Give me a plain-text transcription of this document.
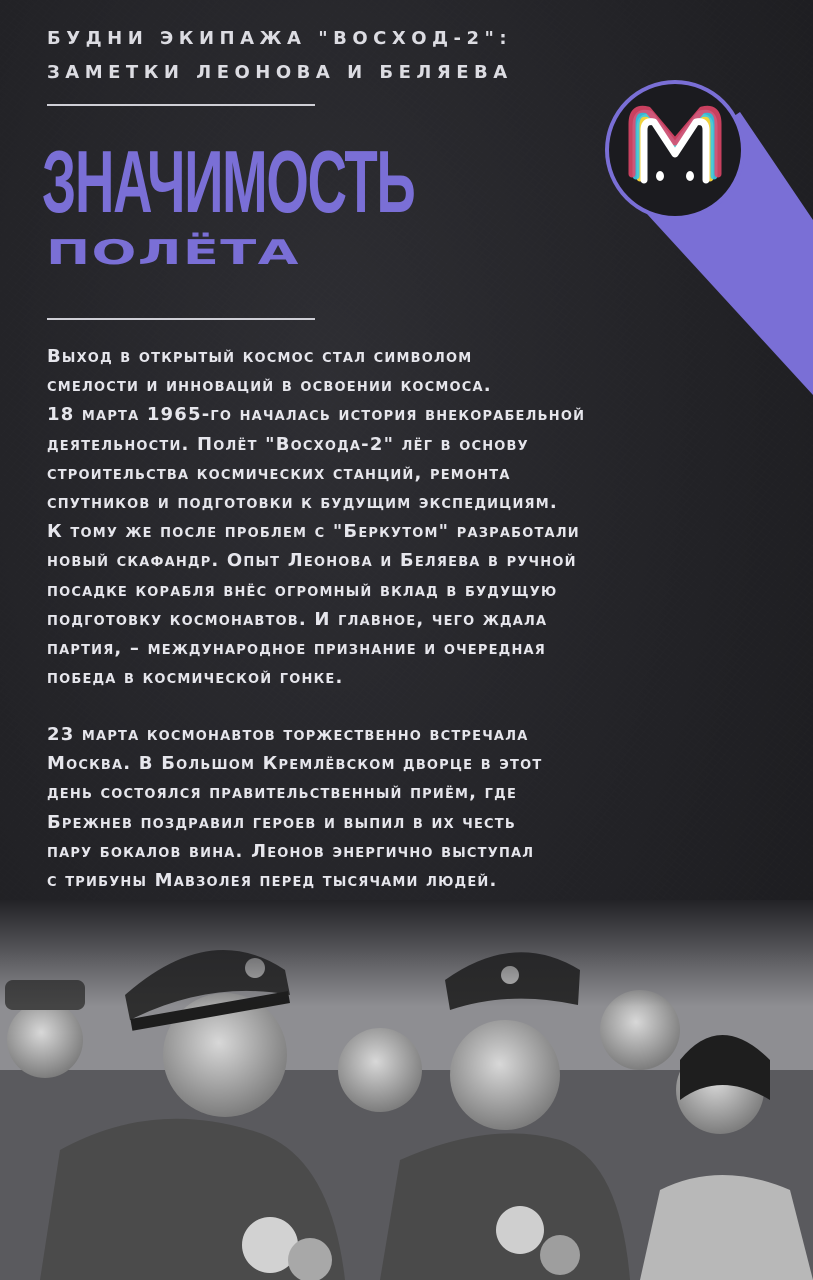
БУДНИ ЭКИПАЖА "ВОСХОД-2":
ЗАМЕТКИ ЛЕОНОВА И БЕЛЯЕВА
ЗНАЧИМОСТЬ
ПОЛЁТА

Выход в открытый космос стал символом
смелости и инноваций в освоении космоса.
18 марта 1965-го началась история внекорабельной
деятельности. Полёт "Восхода-2" лёг в основу
строительства космических станций, ремонта
спутников и подготовки к будущим экспедициям.
К тому же после проблем с "Беркутом" разработали
новый скафандр. Опыт Леонова и Беляева в ручной
посадке корабля внёс огромный вклад в будущую
подготовку космонавтов. И главное, чего ждала
партия, – международное признание и очередная
победа в космической гонке.

23 марта космонавтов торжественно встречала
Москва. В Большом Кремлёвском дворце в этот
день состоялся правительственный приём, где
Брежнев поздравил героев и выпил в их честь
пару бокалов вина. Леонов энергично выступал
с трибуны Мавзолея перед тысячами людей.
